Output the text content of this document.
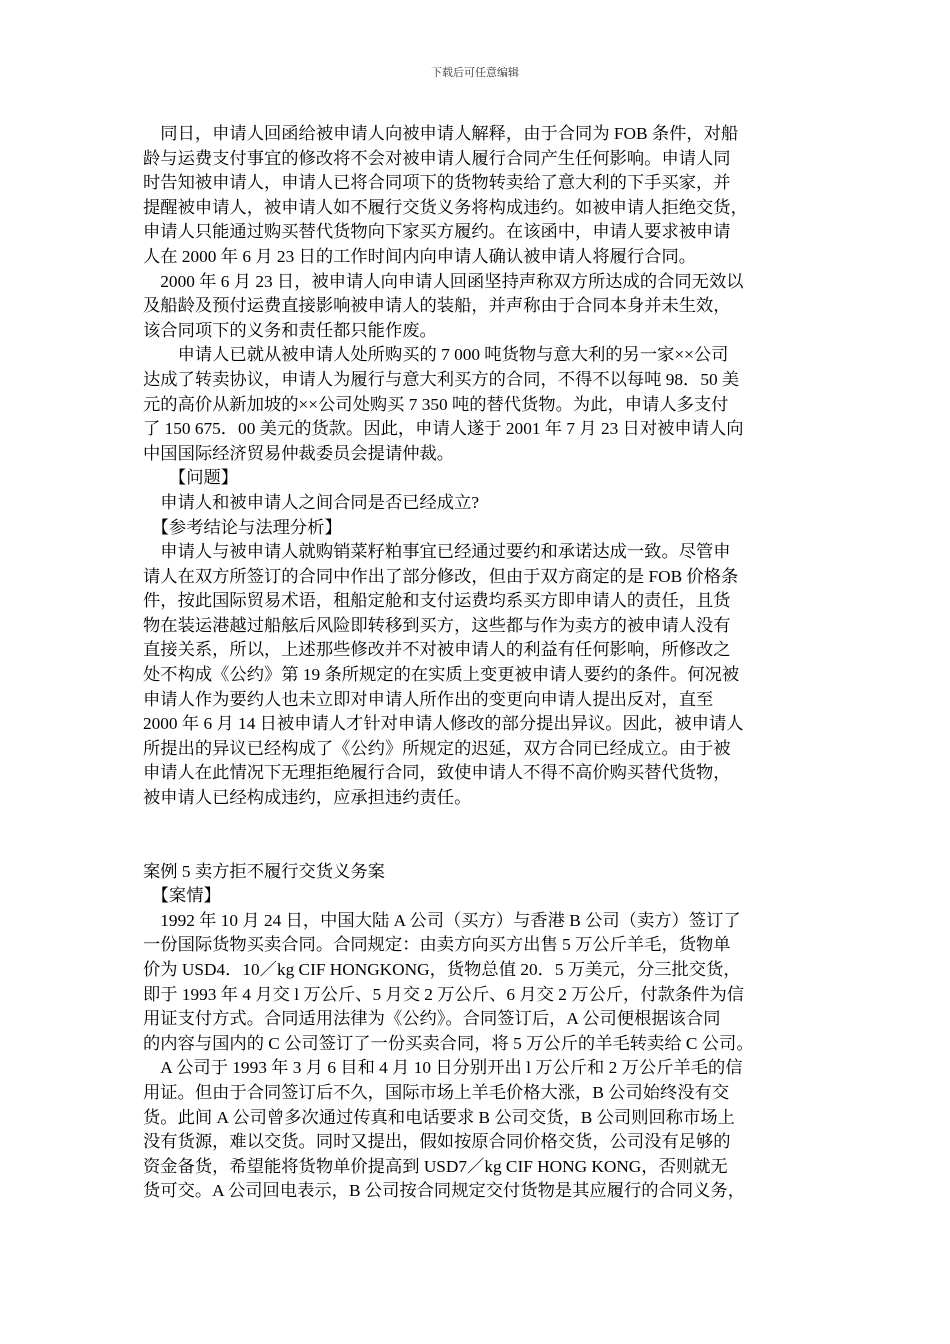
下载后可任意编辑
　同日，申请人回函给被申请人向被申请人解释，由于合同为 FOB 条件，对船
龄与运费支付事宜的修改将不会对被申请人履行合同产生任何影响。申请人同
时告知被申请人，申请人已将合同项下的货物转卖给了意大利的下手买家，并
提醒被申请人，被申请人如不履行交货义务将构成违约。如被申请人拒绝交货，
申请人只能通过购买替代货物向下家买方履约。在该函中，申请人要求被申请
人在 2000 年 6 月 23 日的工作时间内向申请人确认被申请人将履行合同。
　2000 年 6 月 23 日，被申请人向申请人回函坚持声称双方所达成的合同无效以
及船龄及预付运费直接影响被申请人的装船，并声称由于合同本身并未生效，
该合同项下的义务和责任都只能作废。
　　申请人已就从被申请人处所购买的 7 000 吨货物与意大利的另一家××公司
达成了转卖协议，申请人为履行与意大利买方的合同，不得不以每吨 98．50 美
元的高价从新加坡的××公司处购买 7 350 吨的替代货物。为此，申请人多支付
了 150 675．00 美元的货款。因此，申请人遂于 2001 年 7 月 23 日对被申请人向
中国国际经济贸易仲裁委员会提请仲裁。
　　【问题】
　申请人和被申请人之间合同是否已经成立?
　【参考结论与法理分析】
　申请人与被申请人就购销菜籽粕事宜已经通过要约和承诺达成一致。尽管申
请人在双方所签订的合同中作出了部分修改，但由于双方商定的是 FOB 价格条
件，按此国际贸易术语，租船定舱和支付运费均系买方即申请人的责任，且货
物在装运港越过船舷后风险即转移到买方，这些都与作为卖方的被申请人没有
直接关系，所以，上述那些修改并不对被申请人的利益有任何影响，所修改之
处不构成《公约》第 19 条所规定的在实质上变更被申请人要约的条件。何况被
申请人作为要约人也未立即对申请人所作出的变更向申请人提出反对，直至
2000 年 6 月 14 日被申请人才针对申请人修改的部分提出异议。因此，被申请人
所提出的异议已经构成了《公约》所规定的迟延，双方合同已经成立。由于被
申请人在此情况下无理拒绝履行合同，致使申请人不得不高价购买替代货物，
被申请人已经构成违约，应承担违约责任。
案例 5 卖方拒不履行交货义务案
　【案情】
　1992 年 10 月 24 日，中国大陆 A 公司（买方）与香港 B 公司（卖方）签订了
一份国际货物买卖合同。合同规定：由卖方向买方出售 5 万公斤羊毛，货物单
价为 USD4．10／kg CIF HONGKONG，货物总值 20．5 万美元，分三批交货，
即于 1993 年 4 月交 l 万公斤、5 月交 2 万公斤、6 月交 2 万公斤，付款条件为信
用证支付方式。合同适用法律为《公约》。合同签订后，A 公司便根据该合同
的内容与国内的 C 公司签订了一份买卖合同，将 5 万公斤的羊毛转卖给 C 公司。
　A 公司于 1993 年 3 月 6 目和 4 月 10 日分别开出 l 万公斤和 2 万公斤羊毛的信
用证。但由于合同签订后不久，国际市场上羊毛价格大涨，B 公司始终没有交
货。此间 A 公司曾多次通过传真和电话要求 B 公司交货，B 公司则回称市场上
没有货源，难以交货。同时又提出，假如按原合同价格交货，公司没有足够的
资金备货，希望能将货物单价提高到 USD7／kg CIF HONG KONG，否则就无
货可交。A 公司回电表示，B 公司按合同规定交付货物是其应履行的合同义务，
